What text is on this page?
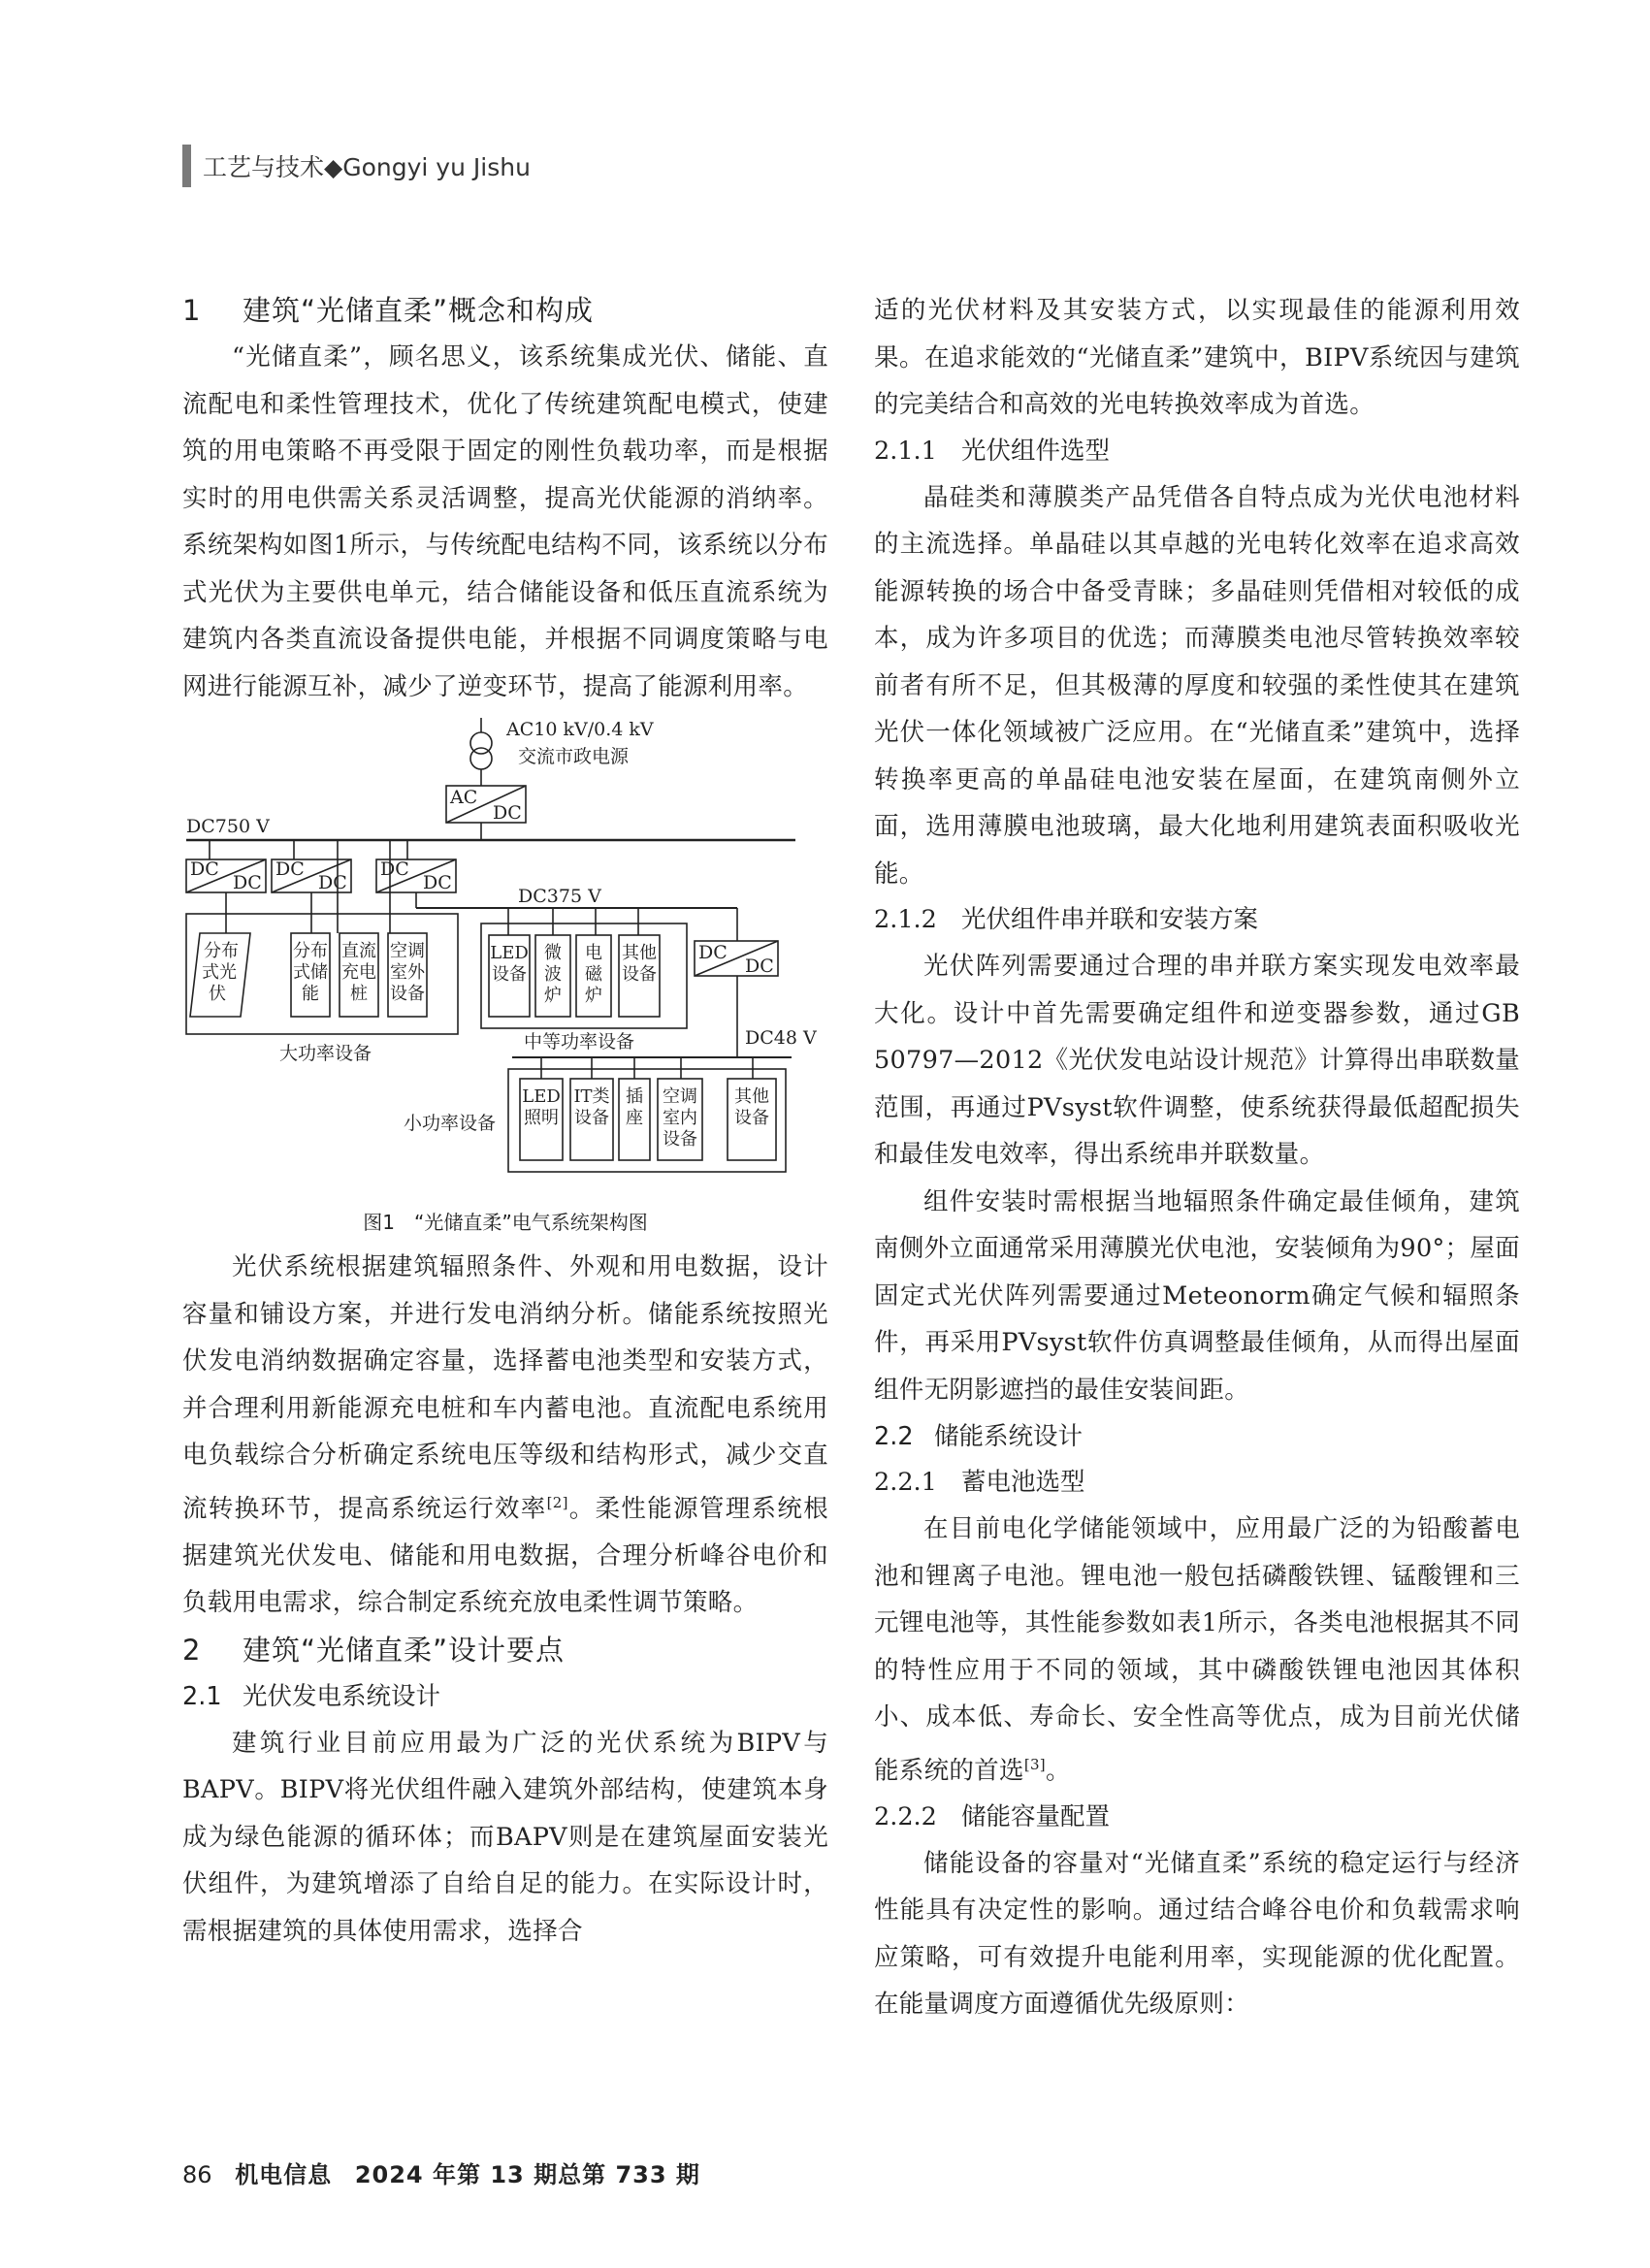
工艺与技术◆Gongyi yu Jishu

1 建筑“光储直柔”概念和构成

“光储直柔”，顾名思义，该系统集成光伏、储能、直流配电和柔性管理技术，优化了传统建筑配电模式，使建筑的用电策略不再受限于固定的刚性负载功率，而是根据实时的用电供需关系灵活调整，提高光伏能源的消纳率。系统架构如图1所示，与传统配电结构不同，该系统以分布式光伏为主要供电单元，结合储能设备和低压直流系统为建筑内各类直流设备提供电能，并根据不同调度策略与电网进行能源互补，减少了逆变环节，提高了能源利用率。

AC10 kV/0.4 kV
交流市政电源
AC
DC
DC750 V
DC
DC
DC
DC
DC
DC
分布
式光
伏
分布
式储
能
直流
充电
桩
空调
室外
设备
大功率设备
DC375 V
LED
设备
微
波
炉
电
磁
炉
其他
设备
中等功率设备
DC
DC
DC48 V
LED
照明
IT类
设备
插
座
空调
室内
设备
其他
设备
小功率设备
图1　“光储直柔”电气系统架构图

光伏系统根据建筑辐照条件、外观和用电数据，设计容量和铺设方案，并进行发电消纳分析。储能系统按照光伏发电消纳数据确定容量，选择蓄电池类型和安装方式，并合理利用新能源充电桩和车内蓄电池。直流配电系统用电负载综合分析确定系统电压等级和结构形式，减少交直流转换环节，提高系统运行效率[2]。柔性能源管理系统根据建筑光伏发电、储能和用电数据，合理分析峰谷电价和负载用电需求，综合制定系统充放电柔性调节策略。

2 建筑“光储直柔”设计要点

2.1 光伏发电系统设计

建筑行业目前应用最为广泛的光伏系统为BIPV与BAPV。BIPV将光伏组件融入建筑外部结构，使建筑本身成为绿色能源的循环体；而BAPV则是在建筑屋面安装光伏组件，为建筑增添了自给自足的能力。在实际设计时，需根据建筑的具体使用需求，选择合

适的光伏材料及其安装方式，以实现最佳的能源利用效果。在追求能效的“光储直柔”建筑中，BIPV系统因与建筑的完美结合和高效的光电转换效率成为首选。

2.1.1 光伏组件选型

晶硅类和薄膜类产品凭借各自特点成为光伏电池材料的主流选择。单晶硅以其卓越的光电转化效率在追求高效能源转换的场合中备受青睐；多晶硅则凭借相对较低的成本，成为许多项目的优选；而薄膜类电池尽管转换效率较前者有所不足，但其极薄的厚度和较强的柔性使其在建筑光伏一体化领域被广泛应用。在“光储直柔”建筑中，选择转换率更高的单晶硅电池安装在屋面，在建筑南侧外立面，选用薄膜电池玻璃，最大化地利用建筑表面积吸收光能。

2.1.2 光伏组件串并联和安装方案

光伏阵列需要通过合理的串并联方案实现发电效率最大化。设计中首先需要确定组件和逆变器参数，通过GB 50797—2012《光伏发电站设计规范》计算得出串联数量范围，再通过PVsyst软件调整，使系统获得最低超配损失和最佳发电效率，得出系统串并联数量。

组件安装时需根据当地辐照条件确定最佳倾角，建筑南侧外立面通常采用薄膜光伏电池，安装倾角为90°；屋面固定式光伏阵列需要通过Meteonorm确定气候和辐照条件，再采用PVsyst软件仿真调整最佳倾角，从而得出屋面组件无阴影遮挡的最佳安装间距。

2.2 储能系统设计

2.2.1 蓄电池选型

在目前电化学储能领域中，应用最广泛的为铅酸蓄电池和锂离子电池。锂电池一般包括磷酸铁锂、锰酸锂和三元锂电池等，其性能参数如表1所示，各类电池根据其不同的特性应用于不同的领域，其中磷酸铁锂电池因其体积小、成本低、寿命长、安全性高等优点，成为目前光伏储能系统的首选[3]。

2.2.2 储能容量配置

储能设备的容量对“光储直柔”系统的稳定运行与经济性能具有决定性的影响。通过结合峰谷电价和负载需求响应策略，可有效提升电能利用率，实现能源的优化配置。在能量调度方面遵循优先级原则：

86 机电信息 2024 年第 13 期总第 733 期
